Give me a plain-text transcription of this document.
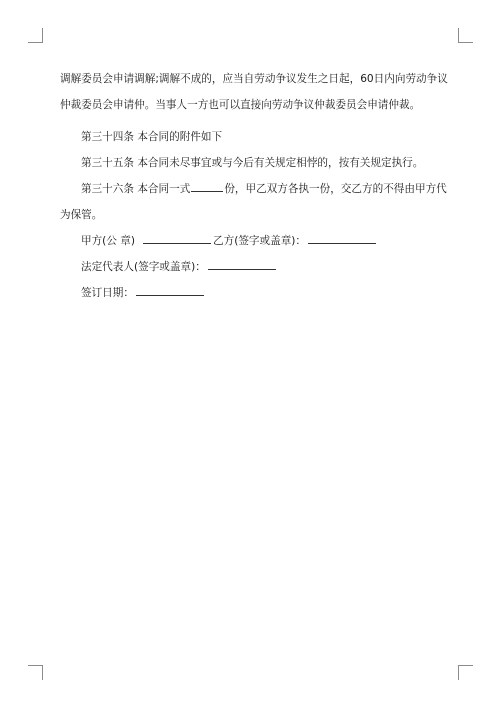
调解委员会申请调解;调解不成的，应当自劳动争议发生之日起，60日内向劳动争议
仲裁委员会申请仲。当事人一方也可以直接向劳动争议仲裁委员会申请仲裁。
第三十四条 本合同的附件如下
第三十五条 本合同未尽事宜或与今后有关规定相悖的，按有关规定执行。
第三十六条 本合同一式	份，甲乙双方各执一份，交乙方的不得由甲方代
为保管。
甲方(公 章)	乙方(签字或盖章)：
法定代表人(签字或盖章)：
签订日期：
